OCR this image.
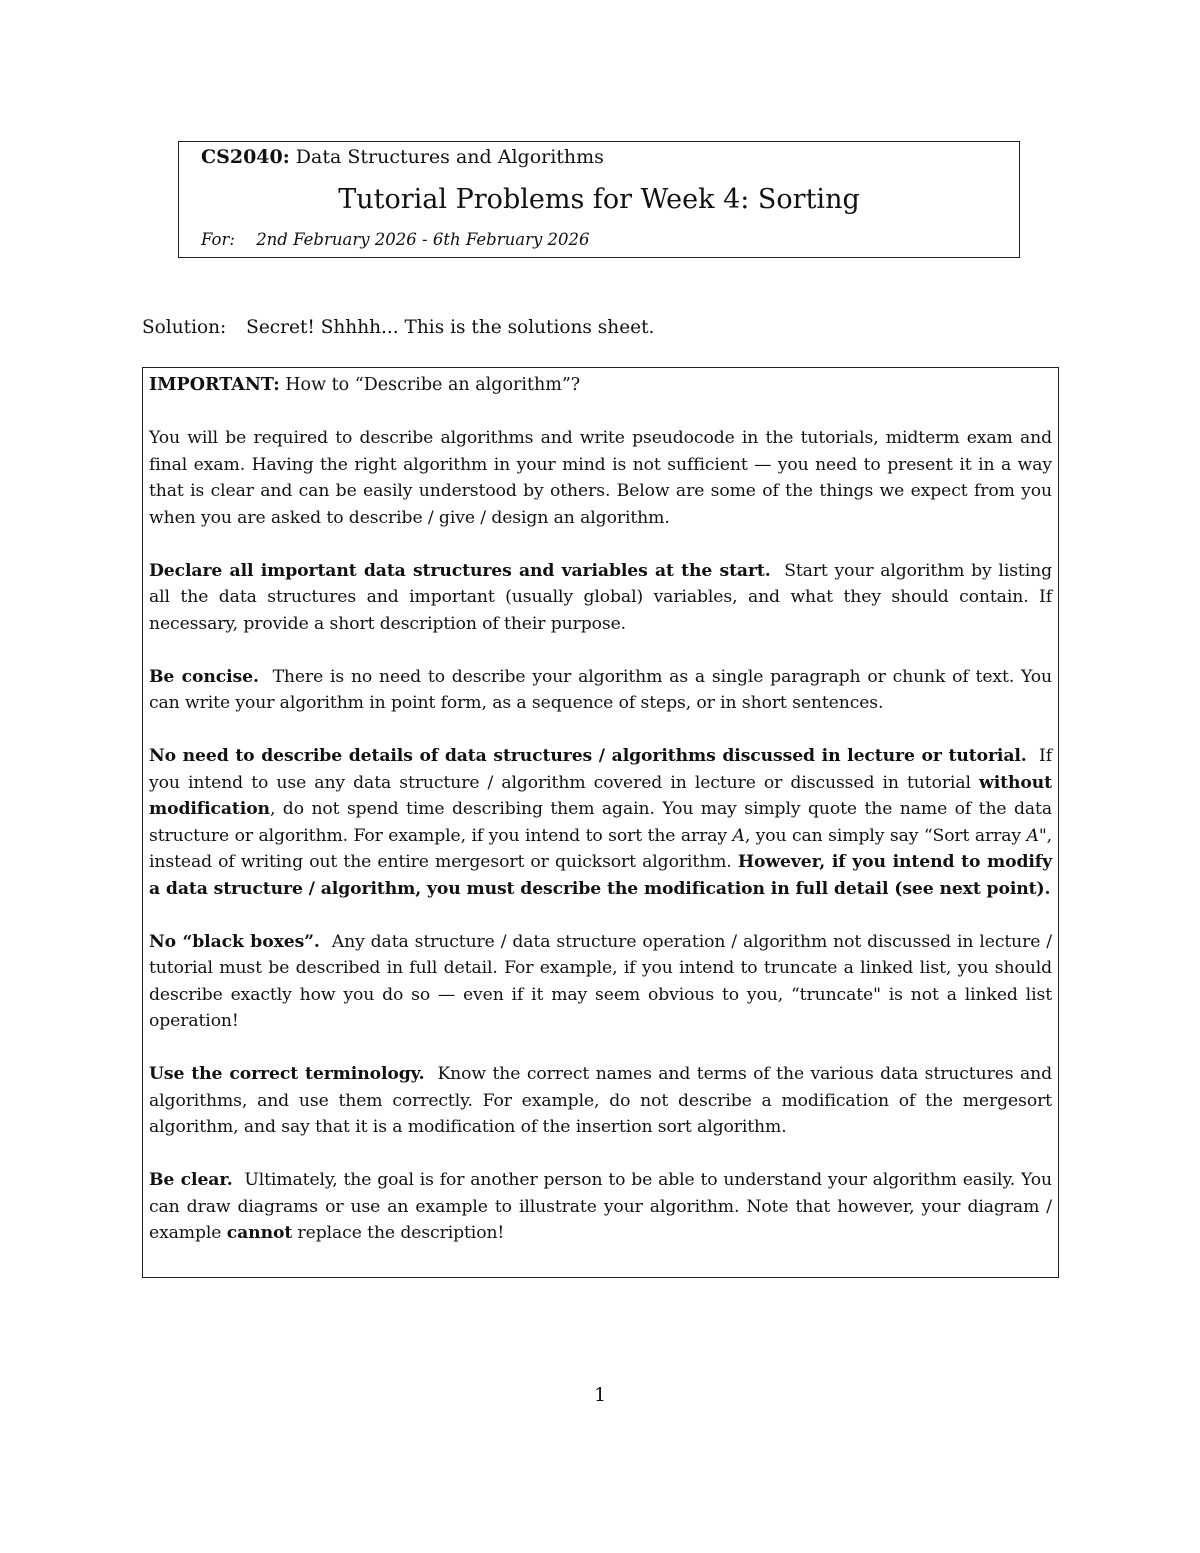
CS2040: Data Structures and Algorithms
Tutorial Problems for Week 4: Sorting
For: 2nd February 2026 - 6th February 2026
Solution: Secret! Shhhh... This is the solutions sheet.

IMPORTANT: How to “Describe an algorithm”?

You will be required to describe algorithms and write pseudocode in the tutorials, midterm exam and final exam. Having the right algorithm in your mind is not sufficient — you need to present it in a way that is clear and can be easily understood by others. Below are some of the things we expect from you when you are asked to describe / give / design an algorithm.

Declare all important data structures and variables at the start. Start your algorithm by listing all the data structures and important (usually global) variables, and what they should contain. If necessary, provide a short description of their purpose.

Be concise. There is no need to describe your algorithm as a single paragraph or chunk of text. You can write your algorithm in point form, as a sequence of steps, or in short sentences.

No need to describe details of data structures / algorithms discussed in lecture or tutorial. If you intend to use any data structure / algorithm covered in lecture or discussed in tutorial without modification, do not spend time describing them again. You may simply quote the name of the data structure or algorithm. For example, if you intend to sort the array A, you can simply say “Sort array A", instead of writing out the entire mergesort or quicksort algorithm. However, if you intend to modify a data structure / algorithm, you must describe the modification in full detail (see next point).

No “black boxes”. Any data structure / data structure operation / algorithm not discussed in lecture / tutorial must be described in full detail. For example, if you intend to truncate a linked list, you should describe exactly how you do so — even if it may seem obvious to you, “truncate" is not a linked list operation!

Use the correct terminology. Know the correct names and terms of the various data structures and algorithms, and use them correctly. For example, do not describe a modification of the mergesort algorithm, and say that it is a modification of the insertion sort algorithm.

Be clear. Ultimately, the goal is for another person to be able to understand your algorithm easily. You can draw diagrams or use an example to illustrate your algorithm. Note that however, your diagram / example cannot replace the description!

1
